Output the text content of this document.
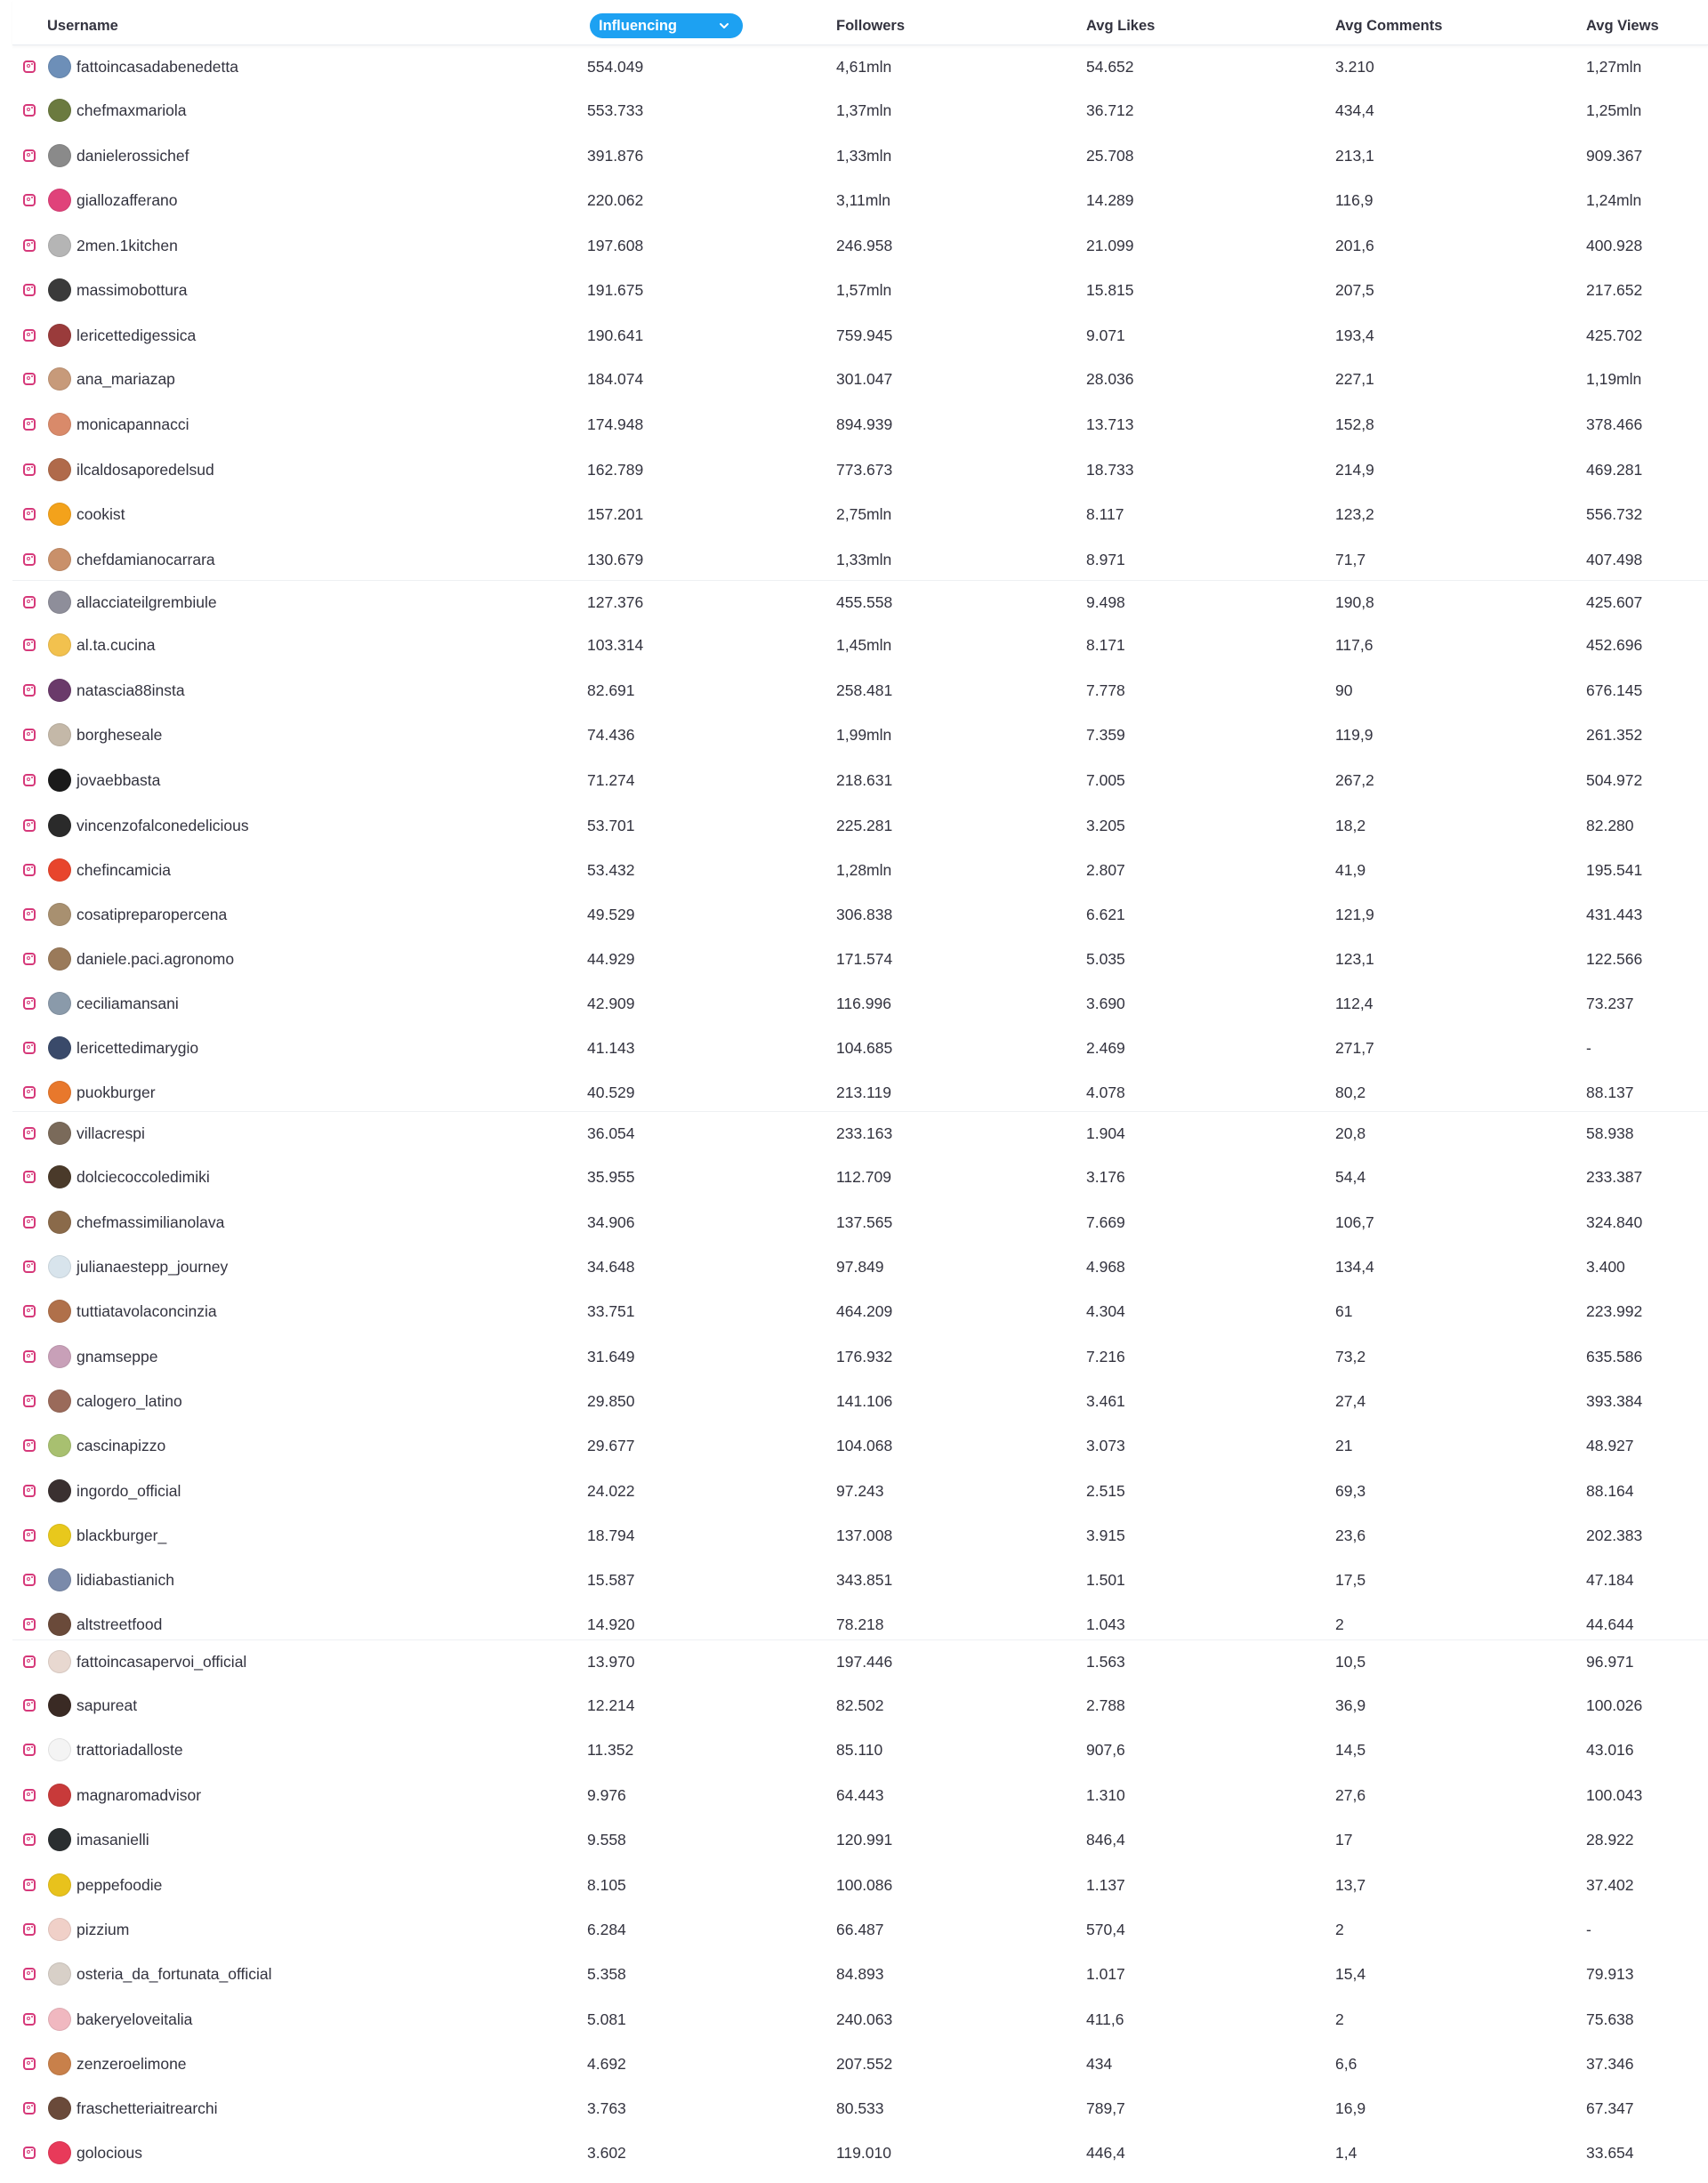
Username	Influencing	Followers	Avg Likes	Avg Comments	Avg Views
fattoincasadabenedetta	554.049	4,61mln	54.652	3.210	1,27mln
chefmaxmariola	553.733	1,37mln	36.712	434,4	1,25mln
danielerossichef	391.876	1,33mln	25.708	213,1	909.367
giallozafferano	220.062	3,11mln	14.289	116,9	1,24mln
2men.1kitchen	197.608	246.958	21.099	201,6	400.928
massimobottura	191.675	1,57mln	15.815	207,5	217.652
lericettedigessica	190.641	759.945	9.071	193,4	425.702
ana_mariazap	184.074	301.047	28.036	227,1	1,19mln
monicapannacci	174.948	894.939	13.713	152,8	378.466
ilcaldosaporedelsud	162.789	773.673	18.733	214,9	469.281
cookist	157.201	2,75mln	8.117	123,2	556.732
chefdamianocarrara	130.679	1,33mln	8.971	71,7	407.498
allacciateilgrembiule	127.376	455.558	9.498	190,8	425.607
al.ta.cucina	103.314	1,45mln	8.171	117,6	452.696
natascia88insta	82.691	258.481	7.778	90	676.145
borgheseale	74.436	1,99mln	7.359	119,9	261.352
jovaebbasta	71.274	218.631	7.005	267,2	504.972
vincenzofalconedelicious	53.701	225.281	3.205	18,2	82.280
chefincamicia	53.432	1,28mln	2.807	41,9	195.541
cosatipreparopercena	49.529	306.838	6.621	121,9	431.443
daniele.paci.agronomo	44.929	171.574	5.035	123,1	122.566
ceciliamansani	42.909	116.996	3.690	112,4	73.237
lericettedimarygio	41.143	104.685	2.469	271,7	-
puokburger	40.529	213.119	4.078	80,2	88.137
villacrespi	36.054	233.163	1.904	20,8	58.938
dolciecoccoledimiki	35.955	112.709	3.176	54,4	233.387
chefmassimilianolava	34.906	137.565	7.669	106,7	324.840
julianaestepp_journey	34.648	97.849	4.968	134,4	3.400
tuttiatavolaconcinzia	33.751	464.209	4.304	61	223.992
gnamseppe	31.649	176.932	7.216	73,2	635.586
calogero_latino	29.850	141.106	3.461	27,4	393.384
cascinapizzo	29.677	104.068	3.073	21	48.927
ingordo_official	24.022	97.243	2.515	69,3	88.164
blackburger_	18.794	137.008	3.915	23,6	202.383
lidiabastianich	15.587	343.851	1.501	17,5	47.184
altstreetfood	14.920	78.218	1.043	2	44.644
fattoincasapervoi_official	13.970	197.446	1.563	10,5	96.971
sapureat	12.214	82.502	2.788	36,9	100.026
trattoriadalloste	11.352	85.110	907,6	14,5	43.016
magnaromadvisor	9.976	64.443	1.310	27,6	100.043
imasanielli	9.558	120.991	846,4	17	28.922
peppefoodie	8.105	100.086	1.137	13,7	37.402
pizzium	6.284	66.487	570,4	2	-
osteria_da_fortunata_official	5.358	84.893	1.017	15,4	79.913
bakeryeloveitalia	5.081	240.063	411,6	2	75.638
zenzeroelimone	4.692	207.552	434	6,6	37.346
fraschetteriaitrearchi	3.763	80.533	789,7	16,9	67.347
golocious	3.602	119.010	446,4	1,4	33.654
